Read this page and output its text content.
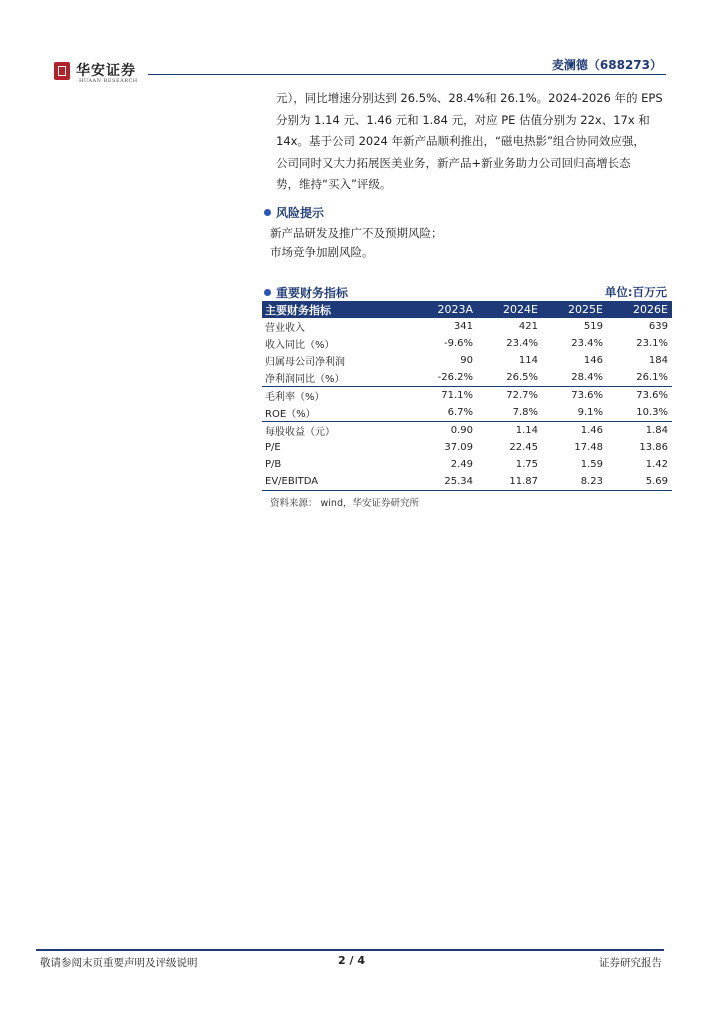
华安证券
HUAAN RESEARCH
麦澜德（688273）
元），同比增速分别达到 26.5%、28.4%和 26.1%。2024-2026 年的 EPS
分别为 1.14 元、1.46 元和 1.84 元，对应 PE 估值分别为 22x、17x 和
14x。基于公司 2024 年新产品顺利推出，“磁电热影”组合协同效应强，
公司同时又大力拓展医美业务，新产品+新业务助力公司回归高增长态
势，维持“买入”评级。
风险提示
新产品研发及推广不及预期风险；
市场竞争加剧风险。
重要财务指标	单位:百万元
主要财务指标	2023A	2024E	2025E	2026E
营业收入	341	421	519	639
收入同比（%）	-9.6%	23.4%	23.4%	23.1%
归属母公司净利润	90	114	146	184
净利润同比（%）	-26.2%	26.5%	28.4%	26.1%
毛利率（%）	71.1%	72.7%	73.6%	73.6%
ROE（%）	6.7%	7.8%	9.1%	10.3%
每股收益（元）	0.90	1.14	1.46	1.84
P/E	37.09	22.45	17.48	13.86
P/B	2.49	1.75	1.59	1.42
EV/EBITDA	25.34	11.87	8.23	5.69
资料来源： wind，华安证券研究所
敬请参阅末页重要声明及评级说明	2 / 4	证券研究报告
